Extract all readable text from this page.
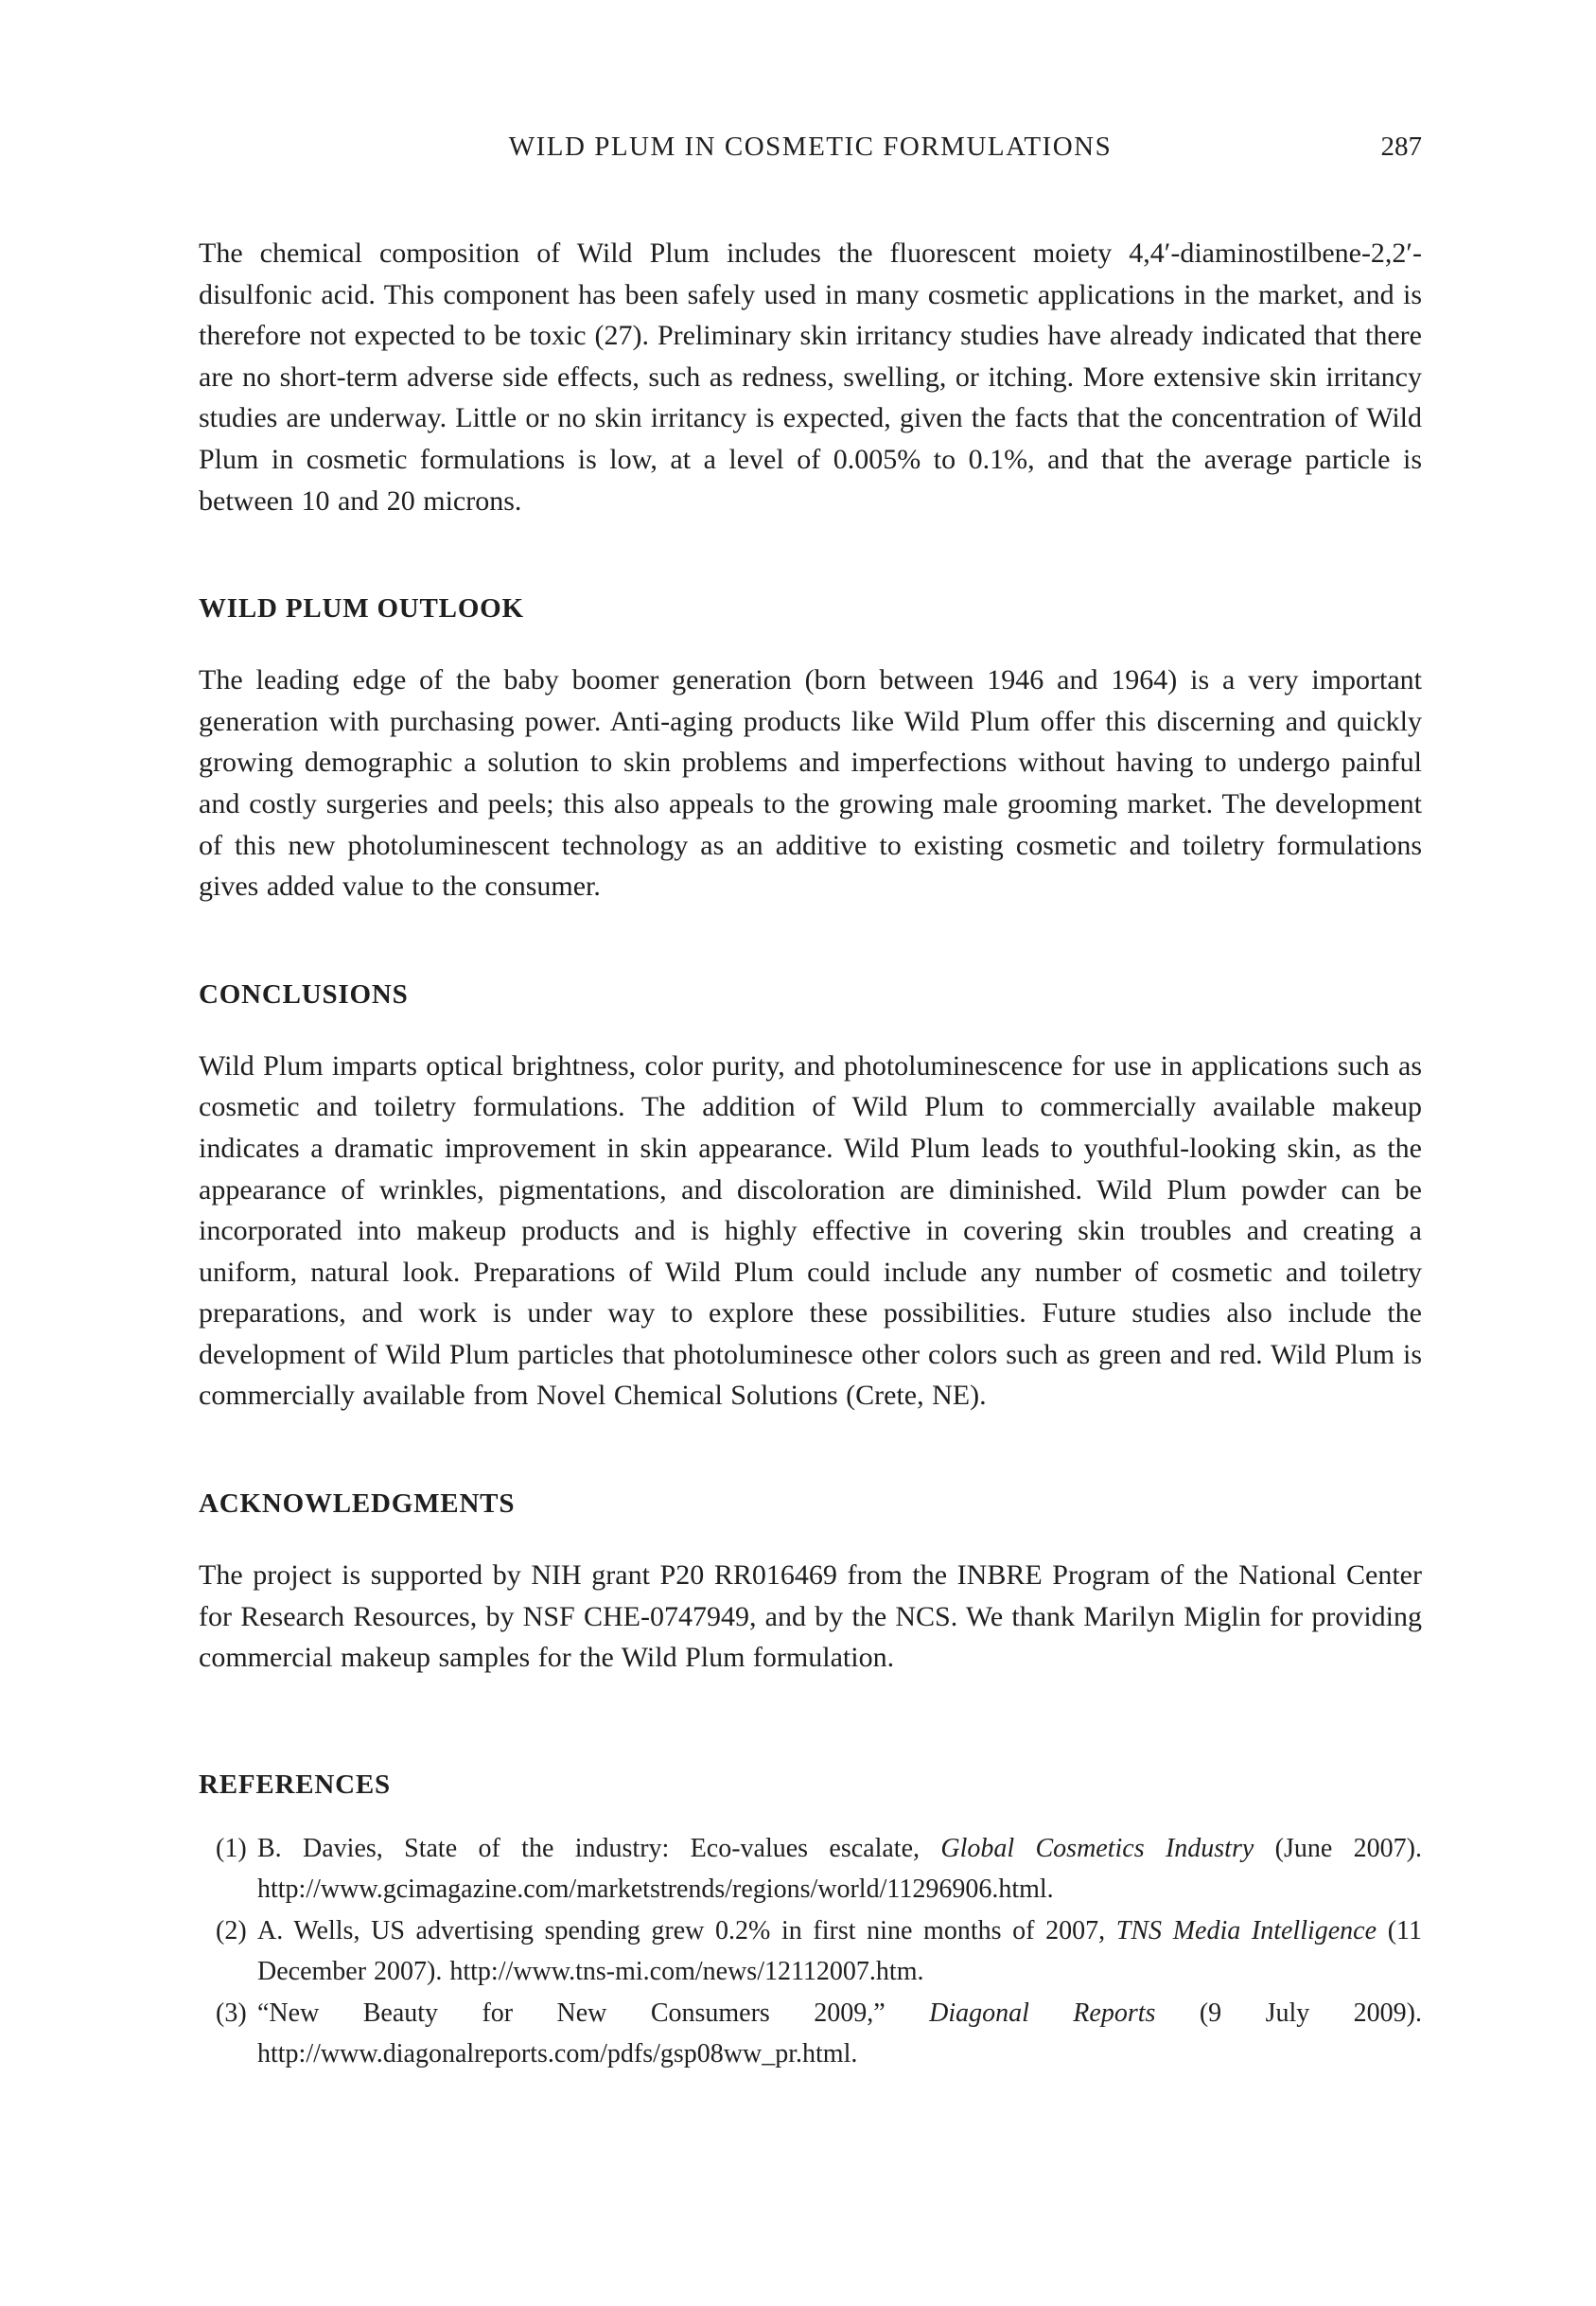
WILD PLUM IN COSMETIC FORMULATIONS	287

The chemical composition of Wild Plum includes the fluorescent moiety 4,4′-diaminostilbene-2,2′-disulfonic acid. This component has been safely used in many cosmetic applications in the market, and is therefore not expected to be toxic (27). Preliminary skin irritancy studies have already indicated that there are no short-term adverse side effects, such as redness, swelling, or itching. More extensive skin irritancy studies are underway. Little or no skin irritancy is expected, given the facts that the concentration of Wild Plum in cosmetic formulations is low, at a level of 0.005% to 0.1%, and that the average particle is between 10 and 20 microns.

WILD PLUM OUTLOOK

The leading edge of the baby boomer generation (born between 1946 and 1964) is a very important generation with purchasing power. Anti-aging products like Wild Plum offer this discerning and quickly growing demographic a solution to skin problems and imperfections without having to undergo painful and costly surgeries and peels; this also appeals to the growing male grooming market. The development of this new photoluminescent technology as an additive to existing cosmetic and toiletry formulations gives added value to the consumer.

CONCLUSIONS

Wild Plum imparts optical brightness, color purity, and photoluminescence for use in applications such as cosmetic and toiletry formulations. The addition of Wild Plum to commercially available makeup indicates a dramatic improvement in skin appearance. Wild Plum leads to youthful-looking skin, as the appearance of wrinkles, pigmentations, and discoloration are diminished. Wild Plum powder can be incorporated into makeup products and is highly effective in covering skin troubles and creating a uniform, natural look. Preparations of Wild Plum could include any number of cosmetic and toiletry preparations, and work is under way to explore these possibilities. Future studies also include the development of Wild Plum particles that photoluminesce other colors such as green and red. Wild Plum is commercially available from Novel Chemical Solutions (Crete, NE).

ACKNOWLEDGMENTS

The project is supported by NIH grant P20 RR016469 from the INBRE Program of the National Center for Research Resources, by NSF CHE-0747949, and by the NCS. We thank Marilyn Miglin for providing commercial makeup samples for the Wild Plum formulation.

REFERENCES
(1) B. Davies, State of the industry: Eco-values escalate, Global Cosmetics Industry (June 2007). http://www.gcimagazine.com/marketstrends/regions/world/11296906.html.
(2) A. Wells, US advertising spending grew 0.2% in first nine months of 2007, TNS Media Intelligence (11 December 2007). http://www.tns-mi.com/news/12112007.htm.
(3) “New Beauty for New Consumers 2009,” Diagonal Reports (9 July 2009). http://www.diagonalreports.com/pdfs/gsp08ww_pr.html.
